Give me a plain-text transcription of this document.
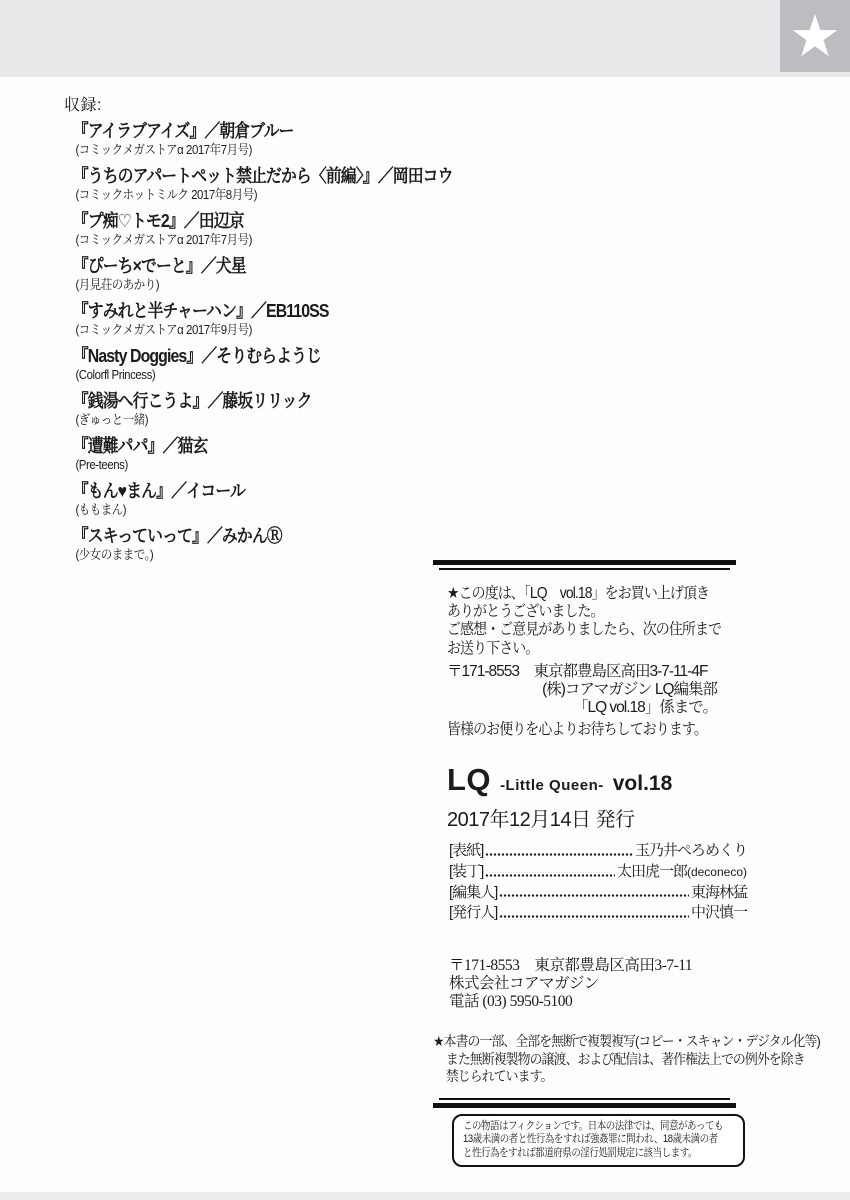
★
収録:
『アイラブアイズ』／朝倉ブルー
(コミックメガストアα 2017年7月号)
『うちのアパートペット禁止だから〈前編〉』／岡田コウ
(コミックホットミルク 2017年8月号)
『プ痴♡トモ2』／田辺京
(コミックメガストアα 2017年7月号)
『ぴーち×でーと』／犬星
(月見荘のあかり)
『すみれと半チャーハン』／EB110SS
(コミックメガストアα 2017年9月号)
『Nasty Doggies』／そりむらようじ
(Colorfl Princess)
『銭湯へ行こうよ』／藤坂リリック
(ぎゅっと一緒)
『遭難パパ』／猫玄
(Pre-teens)
『もん♥まん』／イコール
(ももまん)
『スキっていって』／みかんⓇ
(少女のままで。)
★この度は、「LQ　vol.18」をお買い上げ頂き
ありがとうございました。
ご感想・ご意見がありましたら、次の住所まで
お送り下さい。
〒171-8553　東京都豊島区高田3-7-11-4F
(株)コアマガジン LQ編集部
「LQ vol.18」係まで。
皆様のお便りを心よりお待ちしております。
LQ -Little Queen- vol.18
2017年12月14日 発行
[表紙]	玉乃井ぺろめくり
[装丁]	太田虎一郎 (deconeco)
[編集人]	東海林猛
[発行人]	中沢慎一
〒171-8553　東京都豊島区高田3-7-11
株式会社コアマガジン
電話 (03) 5950-5100
★本書の一部、全部を無断で複製複写(コピー・スキャン・デジタル化等)
また無断複製物の譲渡、および配信は、著作権法上での例外を除き
禁じられています。
この物語はフィクションです。日本の法律では、同意があっても
13歳未満の者と性行為をすれば強姦罪に問われ、18歳未満の者
と性行為をすれば都道府県の淫行処罰規定に該当します。
